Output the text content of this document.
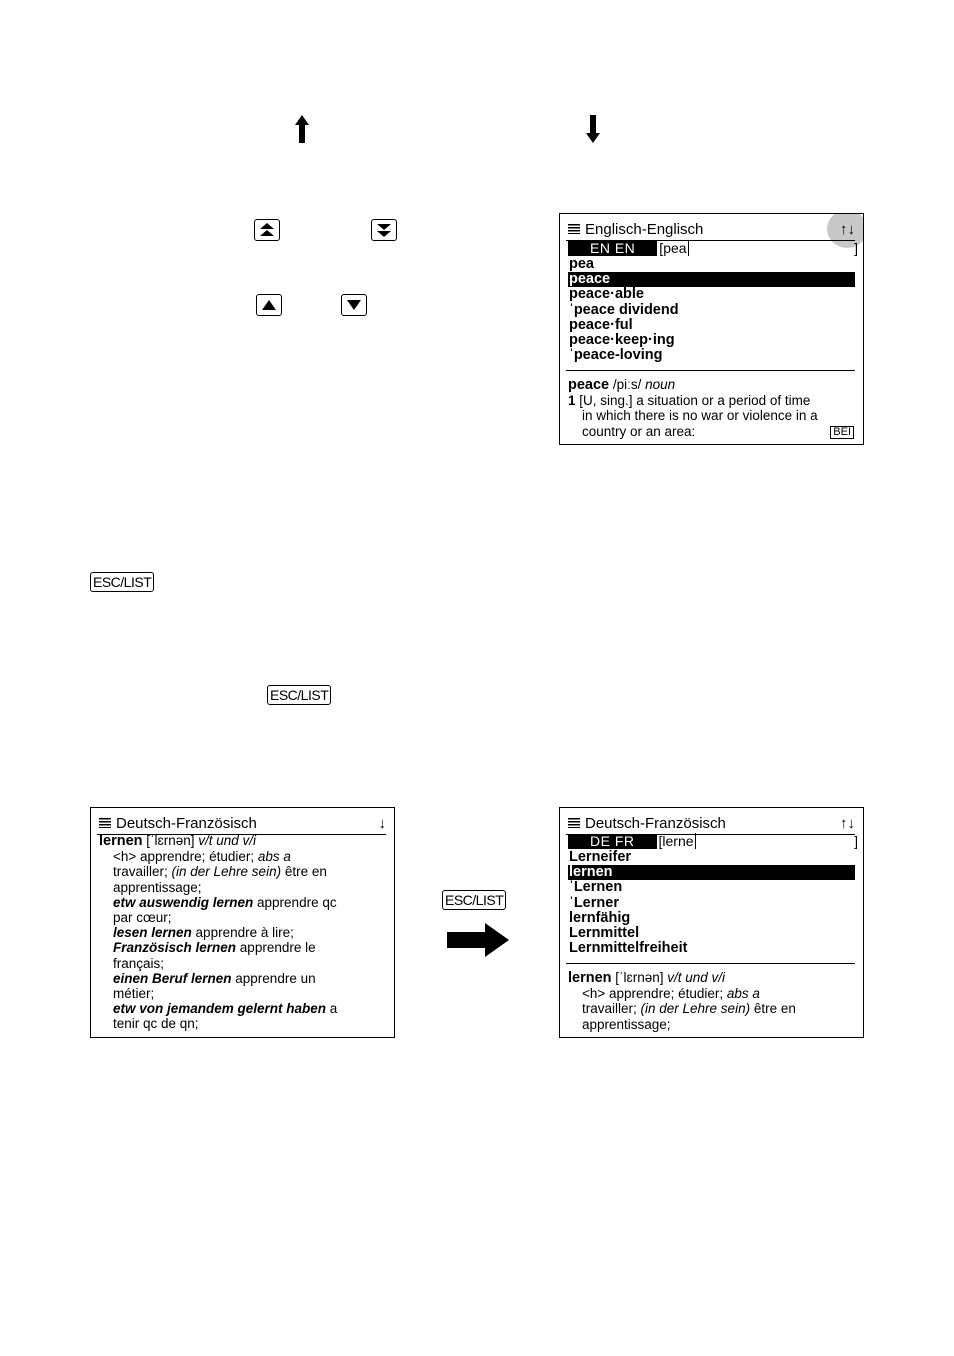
Englisch-Englisch	↑↓
EN EN [pea	]
pea
peace
peace·able
ˈpeace dividend
peace·ful
peace·keep·ing
ˈpeace-loving
peace /piːs/ noun
1 [U, sing.] a situation or a period of time
in which there is no war or violence in a
country or an area:	BEI
ESC/LIST
ESC/LIST
Deutsch-Französisch	↓
lernen [ˈlɛrnən] v/t und v/i
<h> apprendre; étudier; abs a
travailler; (in der Lehre sein) être en
apprentissage;
etw auswendig lernen apprendre qc
par cœur;
lesen lernen apprendre à lire;
Französisch lernen apprendre le
français;
einen Beruf lernen apprendre un
métier;
etw von jemandem gelernt haben a
tenir qc de qn;
ESC/LIST
Deutsch-Französisch	↑↓
DE FR [lerne	]
Lerneifer
lernen
ˈLernen
ˈLerner
lernfähig
Lernmittel
Lernmittelfreiheit
lernen [ˈlɛrnən] v/t und v/i
<h> apprendre; étudier; abs a
travailler; (in der Lehre sein) être en
apprentissage;
